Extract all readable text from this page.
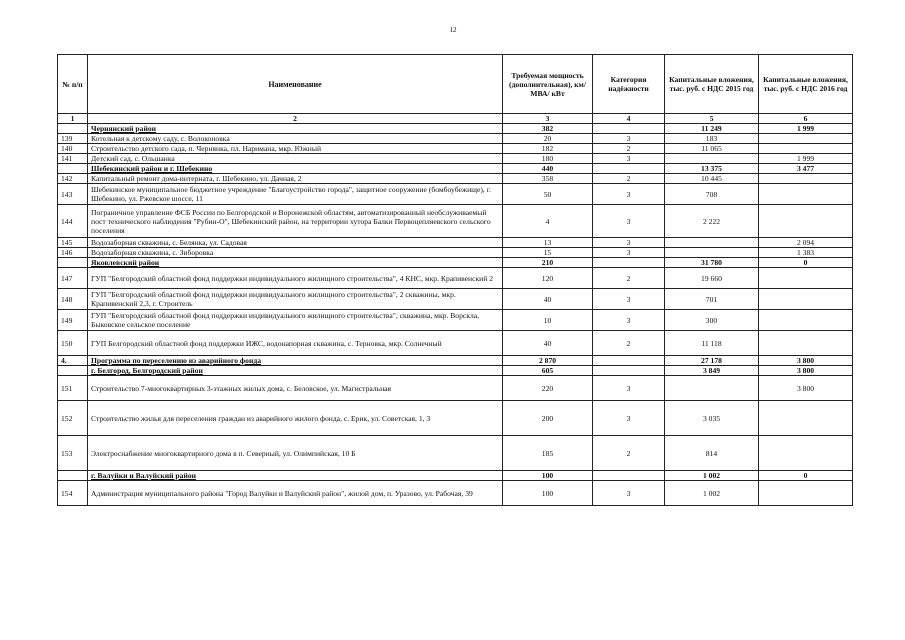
12
№ п/п	Наименование	Требуемая мощность (дополнительная), км/ МВА/ кВт	Категория надёжности	Капитальные вложения, тыс. руб. с НДС 2015 год	Капитальные вложения, тыс. руб. с НДС 2016 год
1	2	3	4	5	6
	Чернянский район	382		11 249	1 999
139	Котельная к детскому саду, с. Волоконовка	20	3	183	
140	Строительство детского сада, п. Чернянка, пл. Наримана, мкр. Южный	182	2	11 065	
141	Детский сад, с. Ольшанка	180	3		1 999
	Шебекинский район и г. Шебекино	440		13 375	3 477
142	Капитальный ремонт дома-интерната, г. Шебекино, ул. Дачная, 2	358	2	10 445	
143	Шебекинское муниципальное бюджетное учреждение "Благоустройство города", защитное сооружение (бомбоубежище), г. Шебекино, ул. Ржевское шоссе, 11	50	3	708	
144	Пограничное управление ФСБ России по Белгородской и Воронежской областям, автоматизированный необслуживаемый пост технического наблюдения "Рубин-О", Шебекинский район, на территории хутора Балки Первоцепляевского сельского поселения	4	3	2 222	
145	Водозаборная скважина, с. Белянка, ул. Садовая	13	3		2 094
146	Водозаборная скважина, с. Зиборовка	15	3		1 383
	Яковлевский район	210		31 780	0
147	ГУП "Белгородский областной фонд поддержки индивидуального жилищного строительства", 4 КНС, мкр. Крапивенский 2	120	2	19 660	
148	ГУП "Белгородский областной фонд поддержки индивидуального жилищного строительства", 2 скважины, мкр. Крапивенский 2,3, г. Строитель	40	3	701	
149	ГУП "Белгородский областной фонд поддержки индивидуального жилищного строительства", скважина, мкр. Ворскла, Быковское сельское поселение	10	3	300	
150	ГУП Белгородский областной фонд поддержки ИЖС, водонапорная скважина, с. Терновка, мкр. Солнечный	40	2	11 118	
4.	Программа по переселению из аварийного фонда	2 870		27 178	3 800
	г. Белгород, Белгородский район	605		3 849	3 800
151	Строительство 7-многоквартирных 3-этажных жилых дома, с. Беловское, ул. Магистральная	220	3		3 800
152	Строительство жилья для переселения граждан из аварийного жилого фонда, с. Ерик, ул. Советская, 1, 3	200	3	3 035	
153	Электроснабжение многоквартирного дома в п. Северный, ул. Олимпийская, 10 Б	185	2	814	
	г. Валуйки и Валуйский район	100		1 002	0
154	Администрация муниципального района "Город Валуйки и Валуйский район", жилой дом, п. Уразово, ул. Рабочая, 39	100	3	1 002	
